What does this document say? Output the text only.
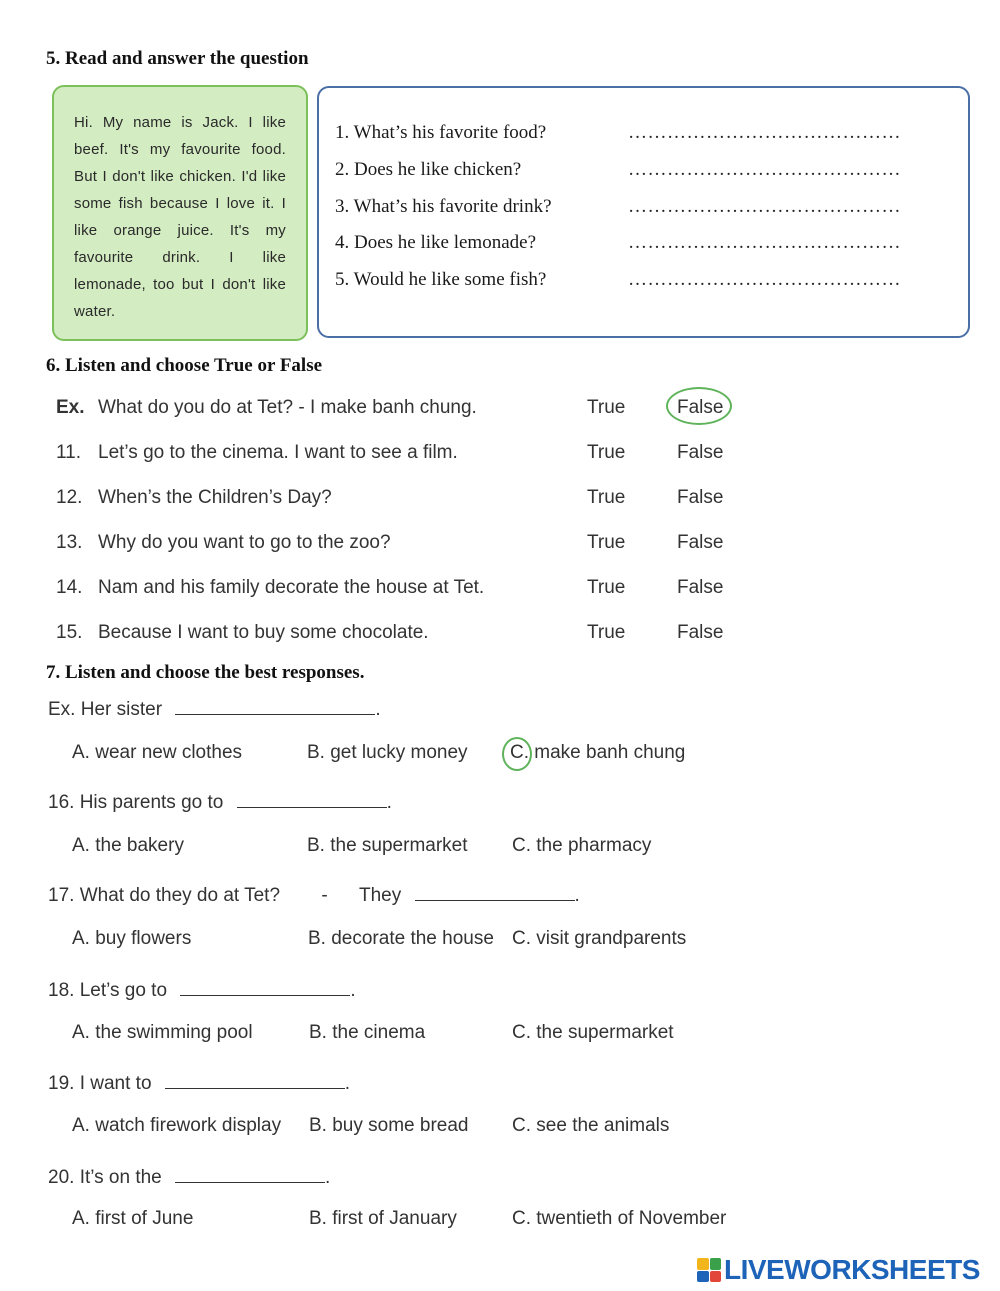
5. Read and answer the question
Hi. My name is Jack. I like beef. It's my favourite food. But I don't like chicken. I'd like some fish because I love it. I like orange juice. It's my favourite drink. I like lemonade, too but I don't like water.
1. What’s his favorite food?	……………………………………
2. Does he like chicken?	……………………………………
3. What’s his favorite drink?	……………………………………
4. Does he like lemonade?	……………………………………
5. Would he like some fish?	……………………………………
6. Listen and choose True or False
Ex. What do you do at Tet? - I make banh chung.	True	False
11. Let’s go to the cinema. I want to see a film.	True	False
12. When’s the Children’s Day?	True	False
13. Why do you want to go to the zoo?	True	False
14. Nam and his family decorate the house at Tet.	True	False
15. Because I want to buy some chocolate.	True	False
7. Listen and choose the best responses.
Ex. Her sister	.
A. wear new clothes	B. get lucky money C. make banh chung
16. His parents go to	.
A. the bakery	B. the supermarket C. the pharmacy
17. What do they do at Tet? -      They	.
A. buy flowers	B. decorate the house C. visit grandparents
18. Let’s go to	.
A. the swimming pool	B. the cinema	C. the supermarket
19. I want to	.
A. watch firework display B. buy some bread C. see the animals
20. It’s on the	.
A. first of June	B. first of January	C. twentieth of November
LIVEWORKSHEETS
